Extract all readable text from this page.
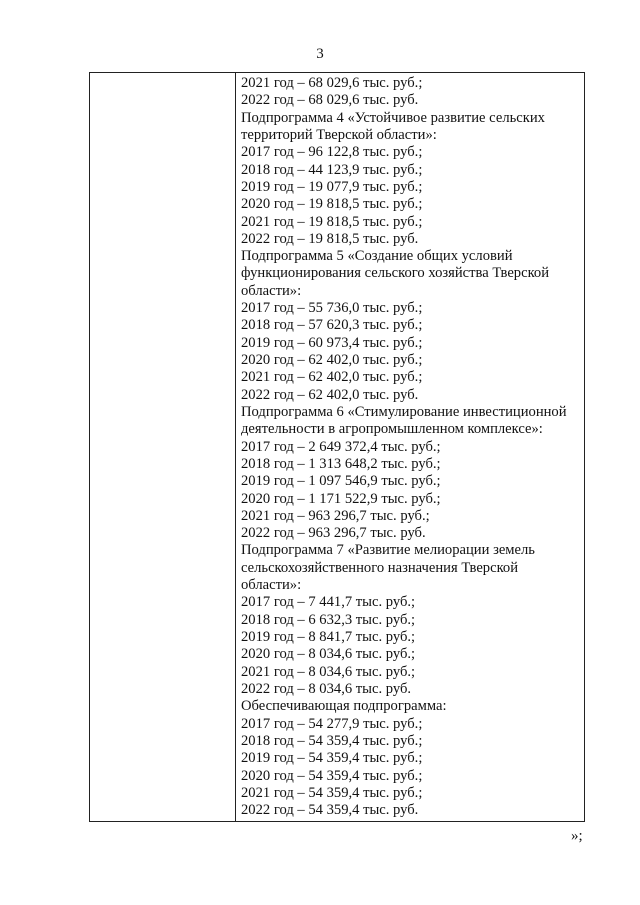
3
2021 год – 68 029,6 тыс. руб.;
2022 год – 68 029,6 тыс. руб.
Подпрограмма 4 «Устойчивое развитие сельских
территорий Тверской области»:
2017 год – 96 122,8 тыс. руб.;
2018 год – 44 123,9 тыс. руб.;
2019 год – 19 077,9 тыс. руб.;
2020 год – 19 818,5 тыс. руб.;
2021 год – 19 818,5 тыс. руб.;
2022 год – 19 818,5 тыс. руб.
Подпрограмма 5 «Создание общих условий
функционирования сельского хозяйства Тверской
области»:
2017 год – 55 736,0 тыс. руб.;
2018 год – 57 620,3 тыс. руб.;
2019 год – 60 973,4 тыс. руб.;
2020 год – 62 402,0 тыс. руб.;
2021 год – 62 402,0 тыс. руб.;
2022 год – 62 402,0 тыс. руб.
Подпрограмма 6 «Стимулирование инвестиционной
деятельности в агропромышленном комплексе»:
2017 год – 2 649 372,4 тыс. руб.;
2018 год – 1 313 648,2 тыс. руб.;
2019 год – 1 097 546,9 тыс. руб.;
2020 год – 1 171 522,9 тыс. руб.;
2021 год – 963 296,7 тыс. руб.;
2022 год – 963 296,7 тыс. руб.
Подпрограмма 7 «Развитие мелиорации земель
сельскохозяйственного назначения Тверской
области»:
2017 год – 7 441,7 тыс. руб.;
2018 год – 6 632,3 тыс. руб.;
2019 год – 8 841,7 тыс. руб.;
2020 год – 8 034,6 тыс. руб.;
2021 год – 8 034,6 тыс. руб.;
2022 год – 8 034,6 тыс. руб.
Обеспечивающая подпрограмма:
2017 год – 54 277,9 тыс. руб.;
2018 год – 54 359,4 тыс. руб.;
2019 год – 54 359,4 тыс. руб.;
2020 год – 54 359,4 тыс. руб.;
2021 год – 54 359,4 тыс. руб.;
2022 год – 54 359,4 тыс. руб.
»;
